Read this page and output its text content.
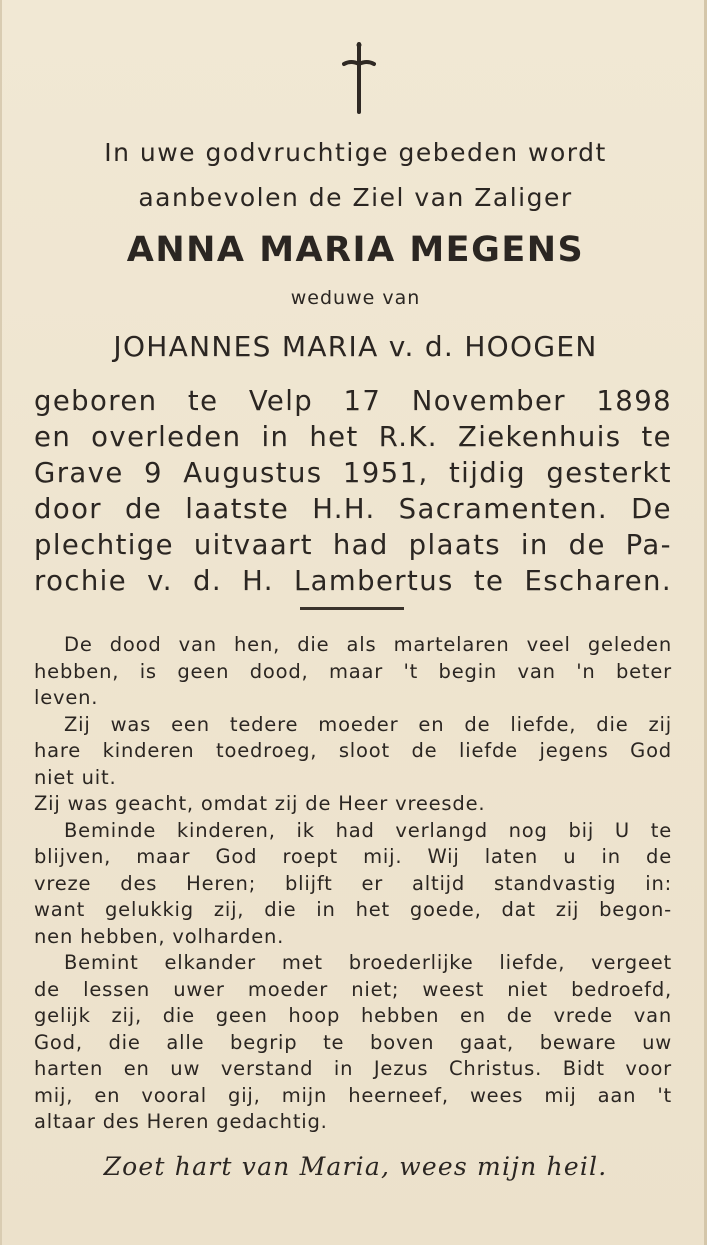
In uwe godvruchtige gebeden wordt
aanbevolen de Ziel van Zaliger
ANNA MARIA MEGENS
weduwe van
JOHANNES MARIA v. d. HOOGEN
geboren te Velp 17 November 1898
en overleden in het R.K. Ziekenhuis te
Grave 9 Augustus 1951, tijdig gesterkt
door de laatste H.H. Sacramenten. De
plechtige uitvaart had plaats in de Pa-
rochie v. d. H. Lambertus te Escharen.
De dood van hen, die als martelaren veel geleden
hebben, is geen dood, maar 't begin van 'n beter
leven.
Zij was een tedere moeder en de liefde, die zij
hare kinderen toedroeg, sloot de liefde jegens God
niet uit.
Zij was geacht, omdat zij de Heer vreesde.
Beminde kinderen, ik had verlangd nog bij U te
blijven, maar God roept mij. Wij laten u in de
vreze des Heren; blijft er altijd standvastig in:
want gelukkig zij, die in het goede, dat zij begon-
nen hebben, volharden.
Bemint elkander met broederlijke liefde, vergeet
de lessen uwer moeder niet; weest niet bedroefd,
gelijk zij, die geen hoop hebben en de vrede van
God, die alle begrip te boven gaat, beware uw
harten en uw verstand in Jezus Christus. Bidt voor
mij, en vooral gij, mijn heerneef, wees mij aan 't
altaar des Heren gedachtig.
Zoet hart van Maria, wees mijn heil.
